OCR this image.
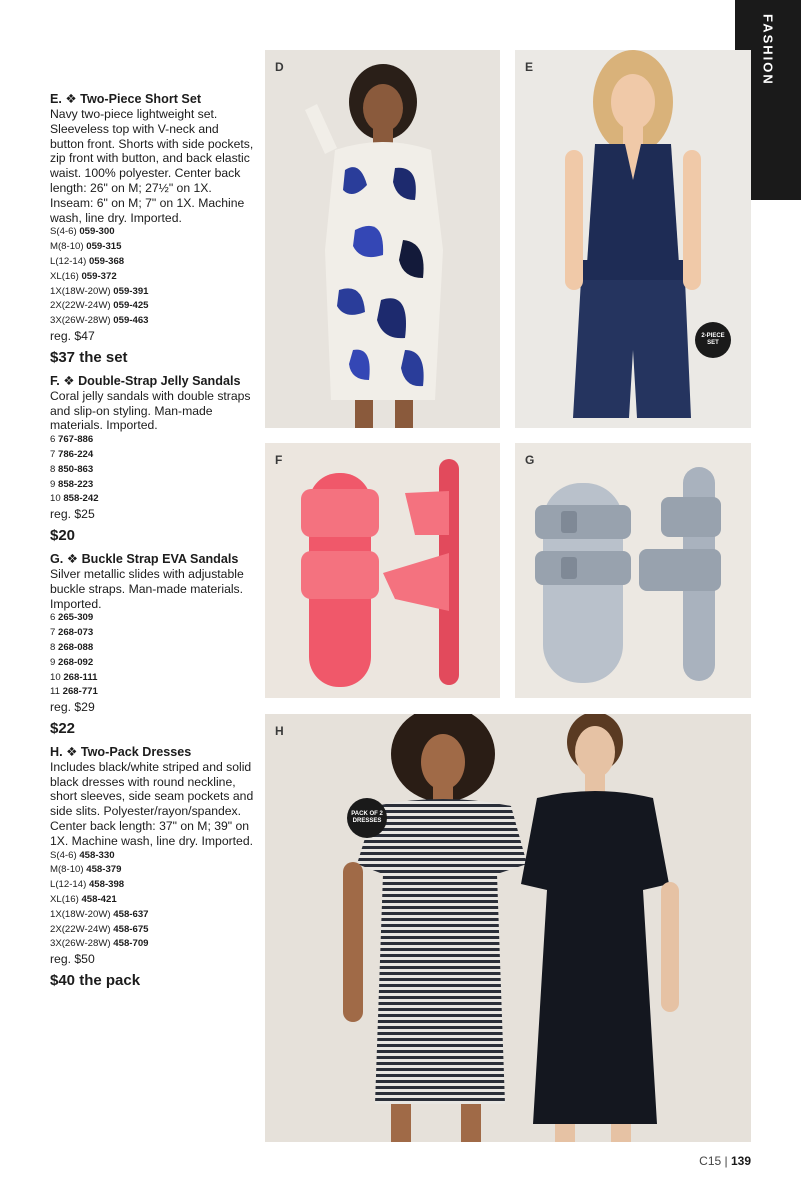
FASHION
E. ❖ Two-Piece Short Set
Navy two-piece lightweight set. Sleeveless top with V-neck and button front. Shorts with side pockets, zip front with button, and back elastic waist. 100% polyester. Center back length: 26" on M; 27½" on 1X. Inseam: 6" on M; 7" on 1X. Machine wash, line dry. Imported.
S(4-6) 059-300
M(8-10) 059-315
L(12-14) 059-368
XL(16) 059-372
1X(18W-20W) 059-391
2X(22W-24W) 059-425
3X(26W-28W) 059-463
reg. $47
$37 the set
F. ❖ Double-Strap Jelly Sandals
Coral jelly sandals with double straps and slip-on styling. Man-made materials. Imported.
6 767-886
7 786-224
8 850-863
9 858-223
10 858-242
reg. $25
$20
G. ❖ Buckle Strap EVA Sandals
Silver metallic slides with adjustable buckle straps. Man-made materials. Imported.
6 265-309
7 268-073
8 268-088
9 268-092
10 268-111
11 268-771
reg. $29
$22
H. ❖ Two-Pack Dresses
Includes black/white striped and solid black dresses with round neckline, short sleeves, side seam pockets and side slits. Polyester/rayon/spandex. Center back length: 37" on M; 39" on 1X. Machine wash, line dry. Imported.
S(4-6) 458-330
M(8-10) 458-379
L(12-14) 458-398
XL(16) 458-421
1X(18W-20W) 458-637
2X(22W-24W) 458-675
3X(26W-28W) 458-709
reg. $50
$40 the pack
D	E
2-PIECE SET
F	G
H
PACK OF 2 DRESSES
C15 | 139
